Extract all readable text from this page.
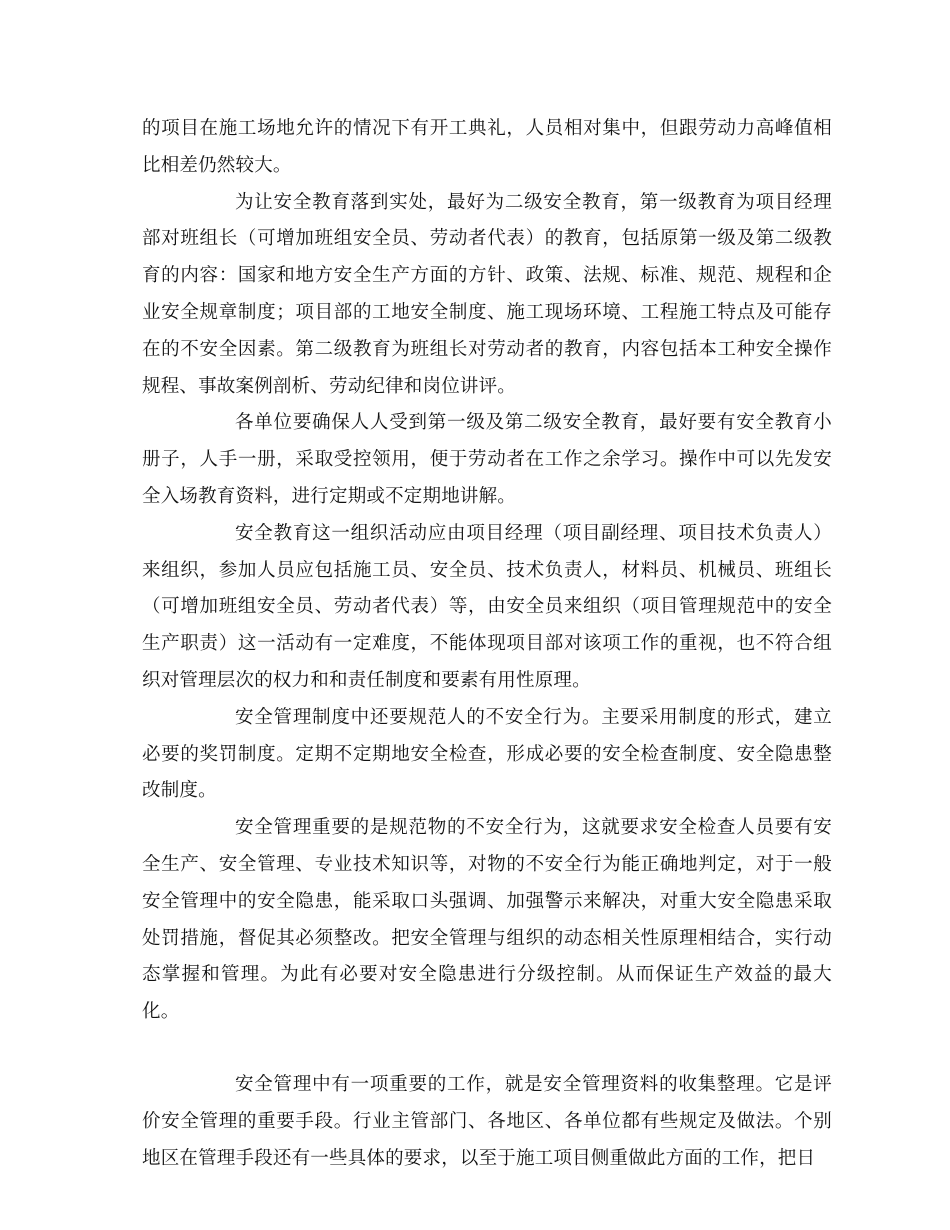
的项目在施工场地允许的情况下有开工典礼，人员相对集中，但跟劳动力高峰值相比相差仍然较大。

为让安全教育落到实处，最好为二级安全教育，第一级教育为项目经理部对班组长（可增加班组安全员、劳动者代表）的教育，包括原第一级及第二级教育的内容：国家和地方安全生产方面的方针、政策、法规、标准、规范、规程和企业安全规章制度；项目部的工地安全制度、施工现场环境、工程施工特点及可能存在的不安全因素。第二级教育为班组长对劳动者的教育，内容包括本工种安全操作规程、事故案例剖析、劳动纪律和岗位讲评。

各单位要确保人人受到第一级及第二级安全教育，最好要有安全教育小册子，人手一册，采取受控领用，便于劳动者在工作之余学习。操作中可以先发安全入场教育资料，进行定期或不定期地讲解。

安全教育这一组织活动应由项目经理（项目副经理、项目技术负责人）来组织，参加人员应包括施工员、安全员、技术负责人，材料员、机械员、班组长（可增加班组安全员、劳动者代表）等，由安全员来组织（项目管理规范中的安全生产职责）这一活动有一定难度，不能体现项目部对该项工作的重视，也不符合组织对管理层次的权力和和责任制度和要素有用性原理。

安全管理制度中还要规范人的不安全行为。主要采用制度的形式，建立必要的奖罚制度。定期不定期地安全检查，形成必要的安全检查制度、安全隐患整改制度。

安全管理重要的是规范物的不安全行为，这就要求安全检查人员要有安全生产、安全管理、专业技术知识等，对物的不安全行为能正确地判定，对于一般安全管理中的安全隐患，能采取口头强调、加强警示来解决，对重大安全隐患采取处罚措施，督促其必须整改。把安全管理与组织的动态相关性原理相结合，实行动态掌握和管理。为此有必要对安全隐患进行分级控制。从而保证生产效益的最大化。

安全管理中有一项重要的工作，就是安全管理资料的收集整理。它是评价安全管理的重要手段。行业主管部门、各地区、各单位都有些规定及做法。个别地区在管理手段还有一些具体的要求，以至于施工项目侧重做此方面的工作，把日
